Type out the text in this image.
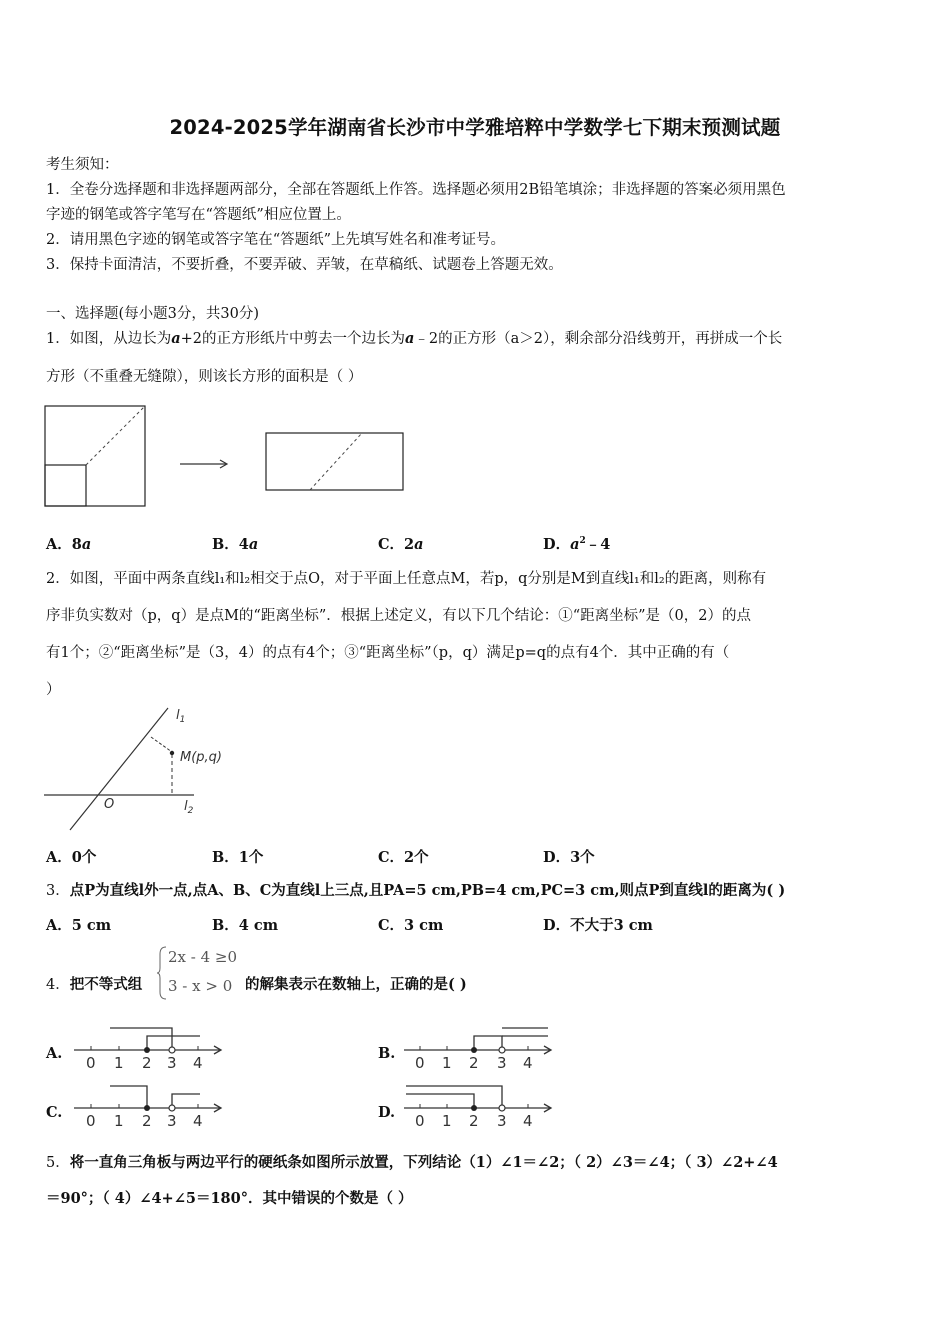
2024-2025学年湖南省长沙市中学雅培粹中学数学七下期末预测试题
考生须知：
1．全卷分选择题和非选择题两部分，全部在答题纸上作答。选择题必须用2B铅笔填涂；非选择题的答案必须用黑色
字迹的钢笔或答字笔写在“答题纸”相应位置上。
2．请用黑色字迹的钢笔或答字笔在“答题纸”上先填写姓名和准考证号。
3．保持卡面清洁，不要折叠，不要弄破、弄皱，在草稿纸、试题卷上答题无效。
一、选择题(每小题3分，共30分)
1．如图，从边长为a+2的正方形纸片中剪去一个边长为a﹣2的正方形（a＞2），剩余部分沿线剪开，再拼成一个长
方形（不重叠无缝隙），则该长方形的面积是（ ）
A．8a	B．4a	C．2a	D．$a^2﹣4$
2．如图，平面中两条直线l₁和l₂相交于点O，对于平面上任意点M，若p，q分别是M到直线l₁和l₂的距离，则称有
序非负实数对（p，q）是点M的“距离坐标”．根据上述定义，有以下几个结论：①“距离坐标”是（0，2）的点
有1个；②“距离坐标”是（3，4）的点有4个；③“距离坐标”（p，q）满足p=q的点有4个．其中正确的有（
）
$l_1$
M(p,q)
O	$l_2$
A．0个	B．1个	C．2个	D．3个
3．点P为直线l外一点,点A、B、C为直线l上三点,且PA=5 cm,PB=4 cm,PC=3 cm,则点P到直线l的距离为( )
A．5 cm	B．4 cm	C．3 cm	D．不大于3 cm
4．把不等式组
2x - 4 ≥0
3 - x > 0 的解集表示在数轴上，正确的是( )
A.	B.
C.	D.
0 1 2 3 4	0 1 2 3 4
0 1 2 3 4	0 1 2 3 4
5．将一直角三角板与两边平行的硬纸条如图所示放置，下列结论（1）∠1＝∠2；（ 2）∠3＝∠4；（ 3）∠2+∠4
＝90°；（ 4）∠4+∠5＝180°．其中错误的个数是（ ）
